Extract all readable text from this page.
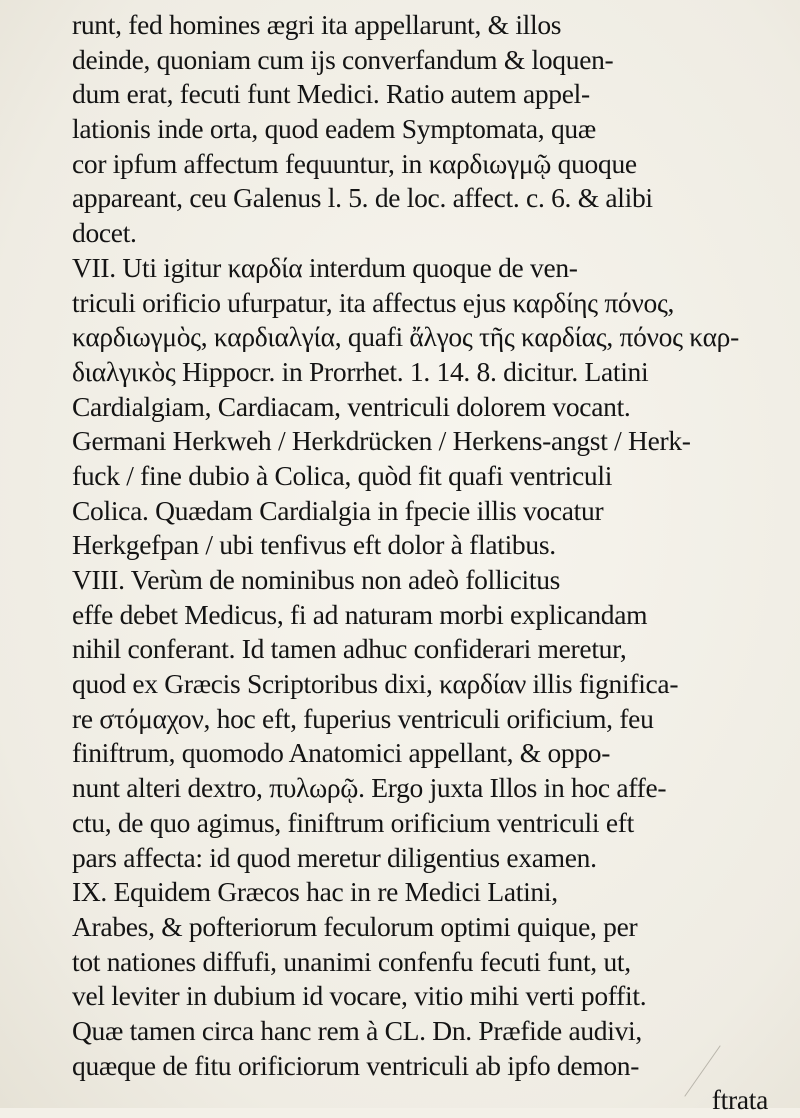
runt, fed homines ægri ita appellarunt, & illos
deinde, quoniam cum ijs converfandum & loquen-
dum erat, fecuti funt Medici. Ratio autem appel-
lationis inde orta, quod eadem Symptomata, quæ
cor ipfum affectum fequuntur, in καρδιωγμῷ quoque
appareant, ceu Galenus l. 5. de loc. affect. c. 6. & alibi
docet.
VII. Uti igitur καρδία interdum quoque de ven-
triculi orificio ufurpatur, ita affectus ejus καρδίης πόνος,
καρδιωγμὸς, καρδιαλγία, quafi ἄλγος τῆς καρδίας, πόνος καρ-
διαλγικὸς Hippocr. in Prorrhet. 1. 14. 8. dicitur. Latini
Cardialgiam, Cardiacam, ventriculi dolorem vocant.
Germani Herkweh / Herkdrücken / Herkens-angst / Herk-
fuck / fine dubio à Colica, quòd fit quafi ventriculi
Colica. Quædam Cardialgia in fpecie illis vocatur
Herkgefpan / ubi tenfivus eft dolor à flatibus.
VIII. Verùm de nominibus non adeò follicitus
effe debet Medicus, fi ad naturam morbi explicandam
nihil conferant. Id tamen adhuc confiderari meretur,
quod ex Græcis Scriptoribus dixi, καρδίαν illis fignifica-
re στόμαχον, hoc eft, fuperius ventriculi orificium, feu
finiftrum, quomodo Anatomici appellant, & oppo-
nunt alteri dextro, πυλωρῷ. Ergo juxta Illos in hoc affe-
ctu, de quo agimus, finiftrum orificium ventriculi eft
pars affecta: id quod meretur diligentius examen.
IX. Equidem Græcos hac in re Medici Latini,
Arabes, & pofteriorum feculorum optimi quique, per
tot nationes diffufi, unanimi confenfu fecuti funt, ut,
vel leviter in dubium id vocare, vitio mihi verti poffit.
Quæ tamen circa hanc rem à CL. Dn. Præfide audivi,
quæque de fitu orificiorum ventriculi ab ipfo demon-
ftrata
